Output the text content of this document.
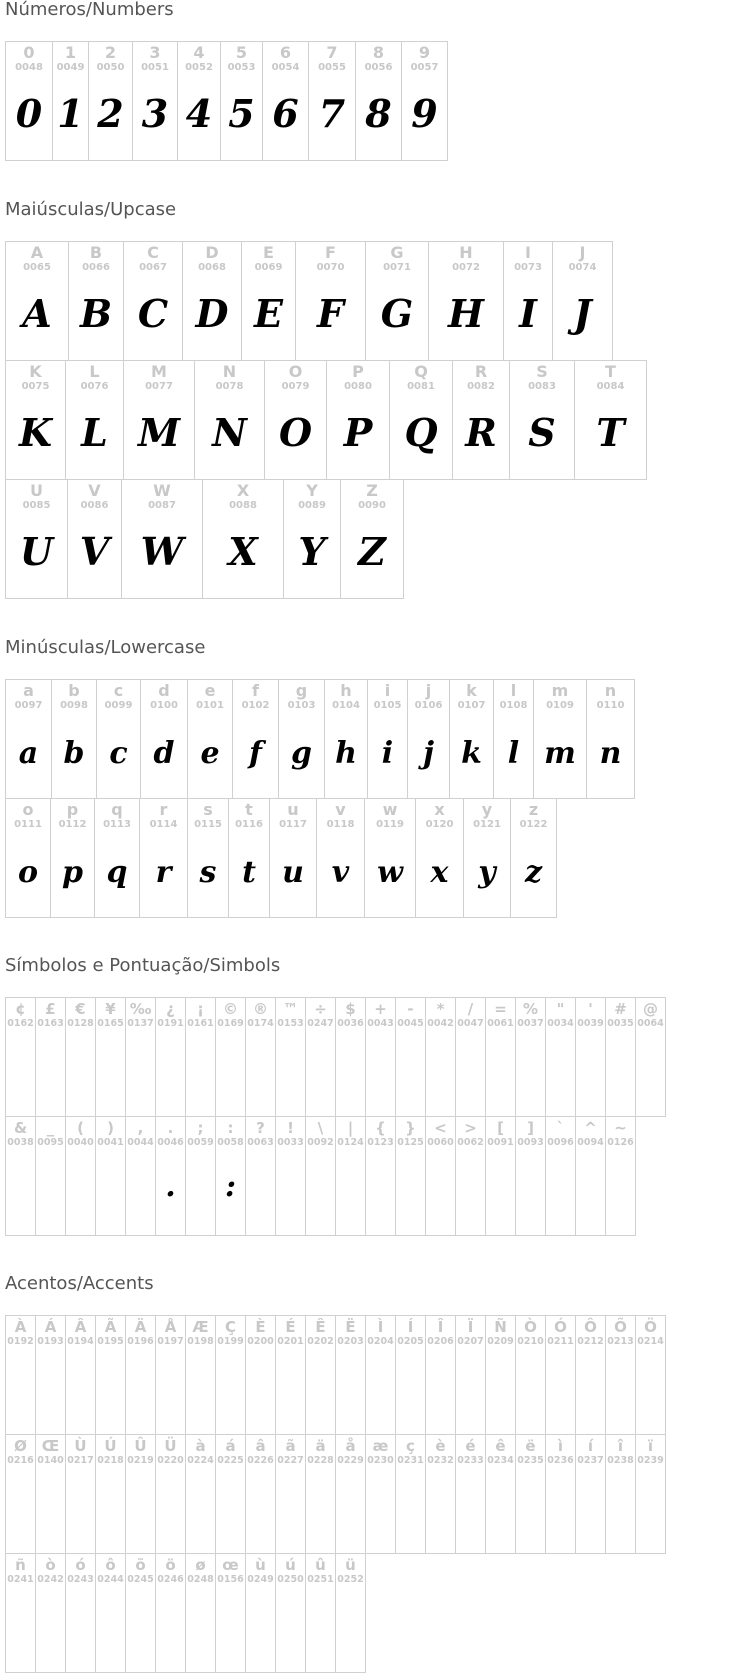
Números/Numbers
0
0048
0
1
0049
1
2
0050
2
3
0051
3
4
0052
4
5
0053
5
6
0054
6
7
0055
7
8
0056
8
9
0057
9
Maiúsculas/Upcase
A
0065
A
B
0066
B
C
0067
C
D
0068
D
E
0069
E
F
0070
F
G
0071
G
H
0072
H
I
0073
I
J
0074
J
K
0075
K
L
0076
L
M
0077
M
N
0078
N
O
0079
O
P
0080
P
Q
0081
Q
R
0082
R
S
0083
S
T
0084
T
U
0085
U
V
0086
V
W
0087
W
X
0088
X
Y
0089
Y
Z
0090
Z
Minúsculas/Lowercase
a
0097
a
b
0098
b
c
0099
c
d
0100
d
e
0101
e
f
0102
f
g
0103
g
h
0104
h
i
0105
i
j
0106
j
k
0107
k
l
0108
l
m
0109
m
n
0110
n
o
0111
o
p
0112
p
q
0113
q
r
0114
r
s
0115
s
t
0116
t
u
0117
u
v
0118
v
w
0119
w
x
0120
x
y
0121
y
z
0122
z
Símbolos e Pontuação/Simbols
¢
0162
£
0163
€
0128
¥
0165
‰
0137
¿
0191
¡
0161
©
0169
®
0174
™
0153
÷
0247
$
0036
+
0043
-
0045
*
0042
/
0047
=
0061
%
0037
"
0034
'
0039
#
0035
@
0064
&
0038
_
0095
(
0040
)
0041
,
0044
.
0046
.
;
0059
:
0058
:
?
0063
!
0033
\
0092
|
0124
{
0123
}
0125
<
0060
>
0062
[
0091
]
0093
`
0096
^
0094
~
0126
Acentos/Accents
À
0192
Á
0193
Â
0194
Ã
0195
Ä
0196
Å
0197
Æ
0198
Ç
0199
È
0200
É
0201
Ê
0202
Ë
0203
Ì
0204
Í
0205
Î
0206
Ï
0207
Ñ
0209
Ò
0210
Ó
0211
Ô
0212
Õ
0213
Ö
0214
Ø
0216
Œ
0140
Ù
0217
Ú
0218
Û
0219
Ü
0220
à
0224
á
0225
â
0226
ã
0227
ä
0228
å
0229
æ
0230
ç
0231
è
0232
é
0233
ê
0234
ë
0235
ì
0236
í
0237
î
0238
ï
0239
ñ
0241
ò
0242
ó
0243
ô
0244
õ
0245
ö
0246
ø
0248
œ
0156
ù
0249
ú
0250
û
0251
ü
0252
